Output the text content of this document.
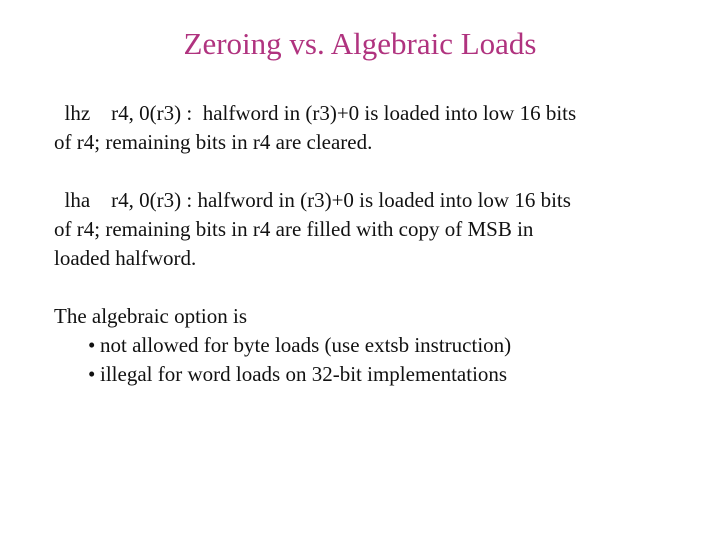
Zeroing vs. Algebraic Loads
lhz    r4, 0(r3) :  halfword in (r3)+0 is loaded into low 16 bits
of r4; remaining bits in r4 are cleared.
lha    r4, 0(r3) : halfword in (r3)+0 is loaded into low 16 bits
of r4; remaining bits in r4 are filled with copy of MSB in
loaded halfword.
The algebraic option is
• not allowed for byte loads (use extsb instruction)
• illegal for word loads on 32-bit implementations
